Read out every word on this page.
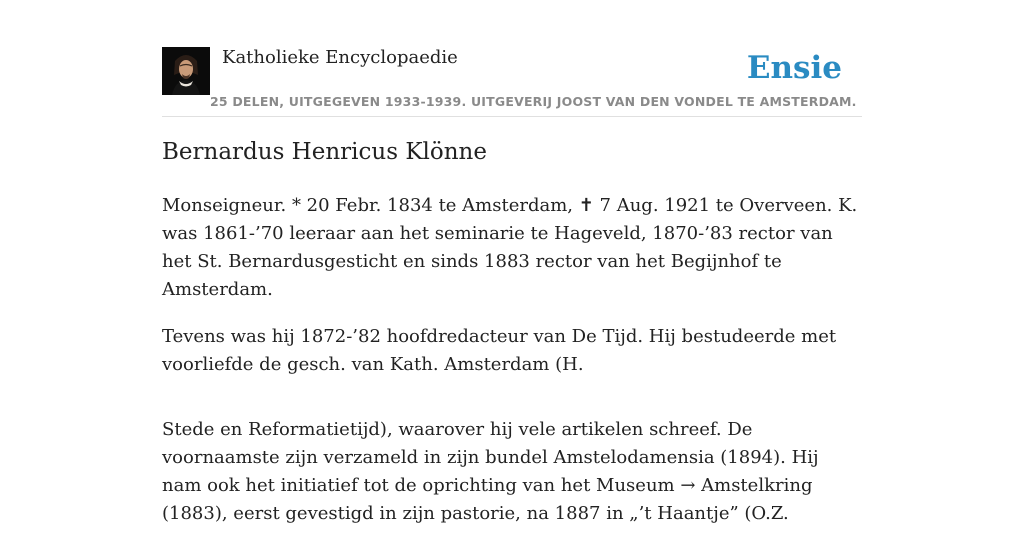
Katholieke Encyclopaedie
25 DELEN, UITGEGEVEN 1933-1939. UITGEVERIJ JOOST VAN DEN VONDEL TE AMSTERDAM.
Ensie
Bernardus Henricus Klönne

Monseigneur. * 20 Febr. 1834 te Amsterdam, ✝ 7 Aug. 1921 te Overveen. K. was 1861-’70 leeraar aan het seminarie te Hageveld, 1870-’83 rector van het St. Bernardusgesticht en sinds 1883 rector van het Begijnhof te Amsterdam.

Tevens was hij 1872-’82 hoofdredacteur van De Tijd. Hij bestudeerde met voorliefde de gesch. van Kath. Amsterdam (H.

Stede en Reformatietijd), waarover hij vele artikelen schreef. De voornaamste zijn verzameld in zijn bundel Amstelodamensia (1894). Hij nam ook het initiatief tot de oprichting van het Museum → Amstelkring (1883), eerst gevestigd in zijn pastorie, na 1887 in „’t Haantje” (O.Z.
